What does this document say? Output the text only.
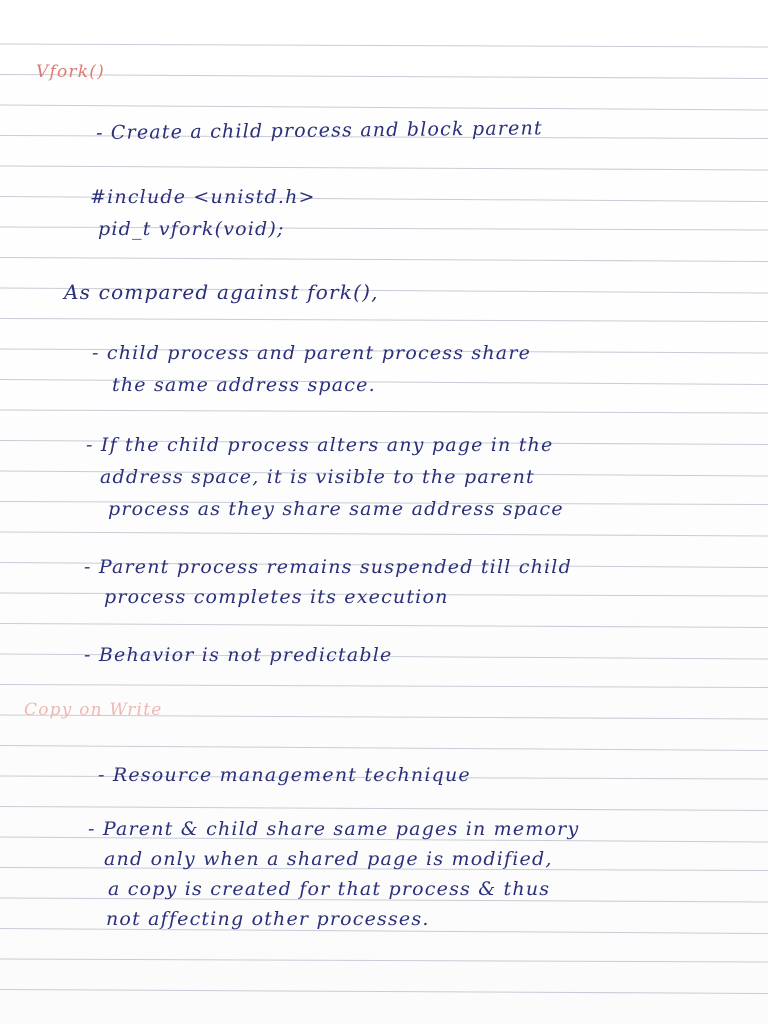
Vfork()
- Create a child process and block parent
#include <unistd.h>
pid_t vfork(void);
As compared against fork(),
- child process and parent process share
the same address space.
- If the child process alters any page in the
address space, it is visible to the parent
process as they share same address space
- Parent process remains suspended till child
process completes its execution
- Behavior is not predictable
Copy on Write
- Resource management technique
- Parent & child share same pages in memory
and only when a shared page is modified,
a copy is created for that process & thus
not affecting other processes.
